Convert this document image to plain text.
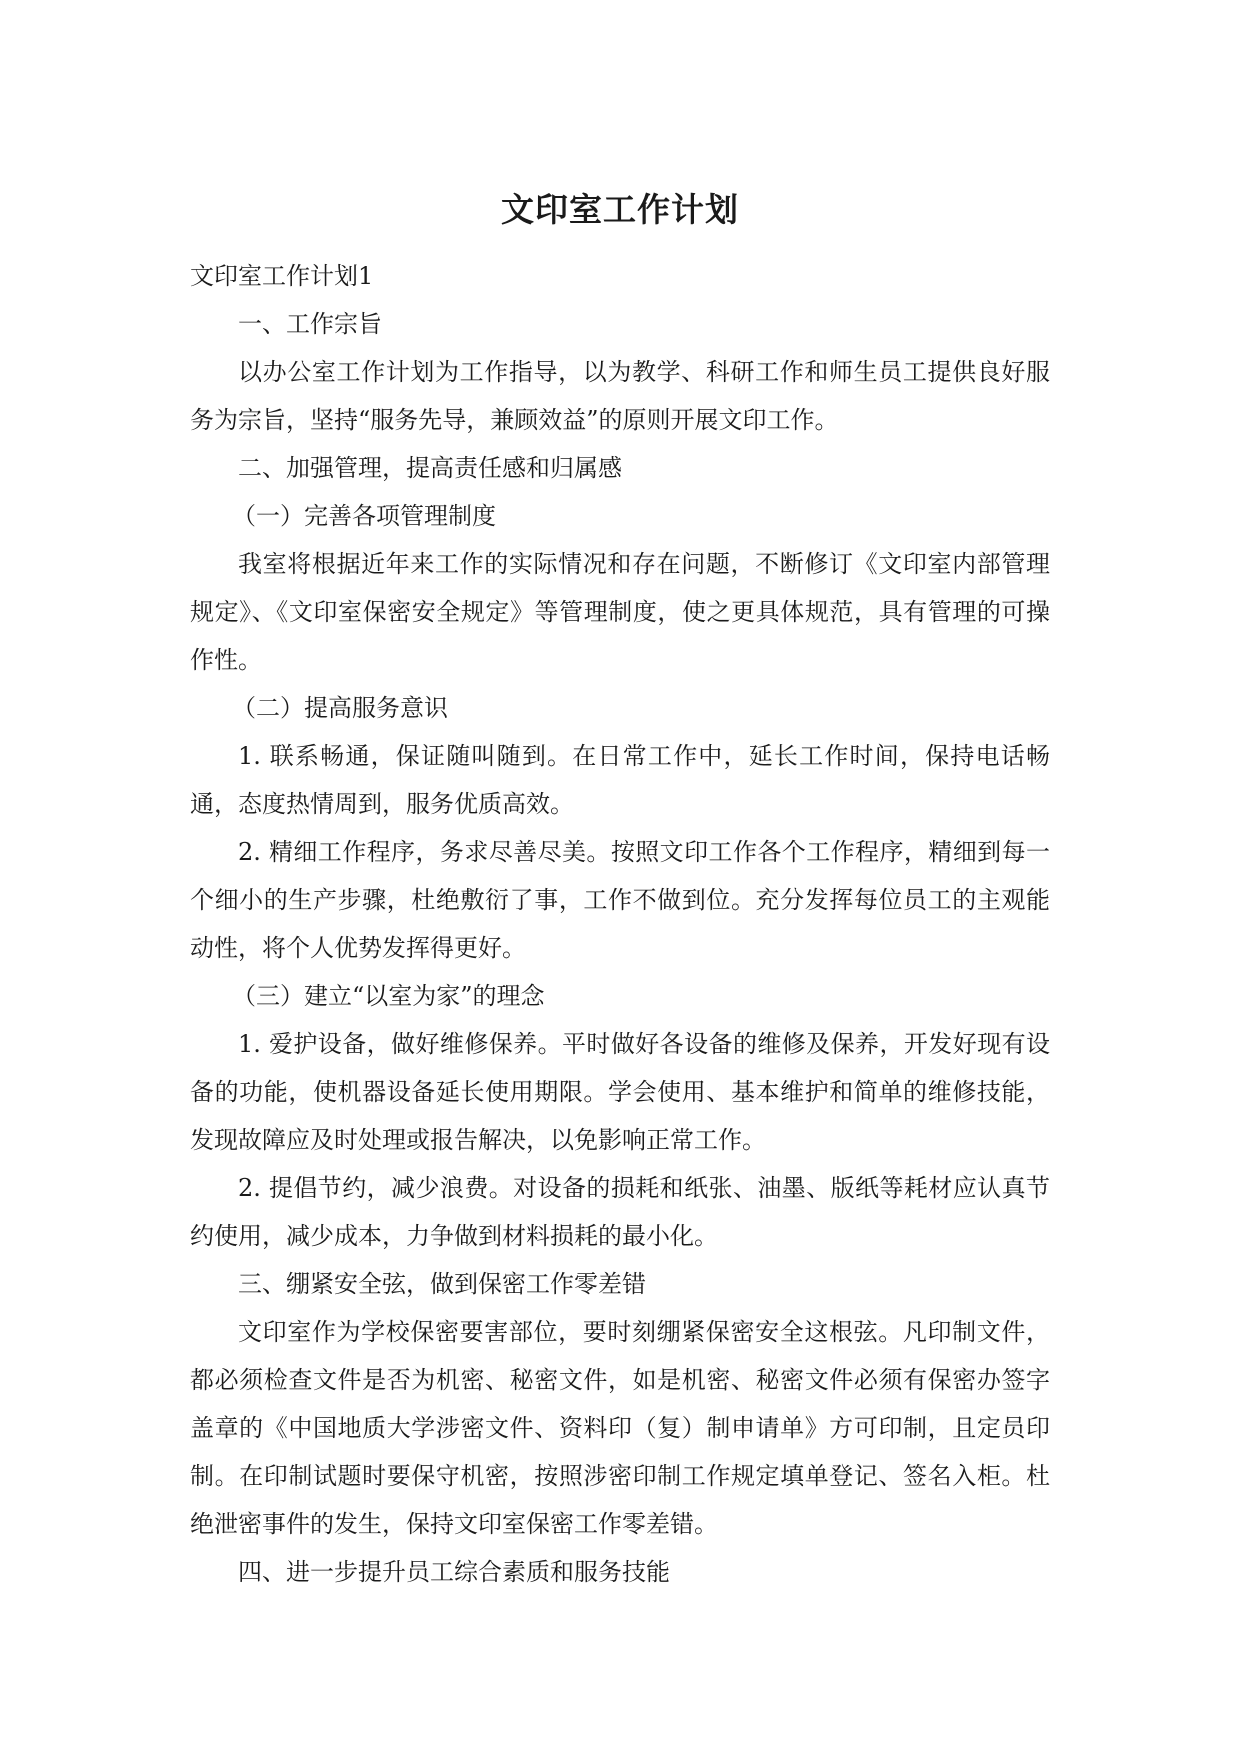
文印室工作计划

文印室工作计划1

一、工作宗旨

以办公室工作计划为工作指导，以为教学、科研工作和师生员工提供良好服务为宗旨，坚持“服务先导，兼顾效益”的原则开展文印工作。

二、加强管理，提高责任感和归属感

（一）完善各项管理制度

我室将根据近年来工作的实际情况和存在问题，不断修订《文印室内部管理规定》、《文印室保密安全规定》等管理制度，使之更具体规范，具有管理的可操作性。

（二）提高服务意识

1. 联系畅通，保证随叫随到。在日常工作中，延长工作时间，保持电话畅通，态度热情周到，服务优质高效。

2. 精细工作程序，务求尽善尽美。按照文印工作各个工作程序，精细到每一个细小的生产步骤，杜绝敷衍了事，工作不做到位。充分发挥每位员工的主观能动性，将个人优势发挥得更好。

（三）建立“以室为家”的理念

1. 爱护设备，做好维修保养。平时做好各设备的维修及保养，开发好现有设备的功能，使机器设备延长使用期限。学会使用、基本维护和简单的维修技能，发现故障应及时处理或报告解决，以免影响正常工作。

2. 提倡节约，减少浪费。对设备的损耗和纸张、油墨、版纸等耗材应认真节约使用，减少成本，力争做到材料损耗的最小化。

三、绷紧安全弦，做到保密工作零差错

文印室作为学校保密要害部位，要时刻绷紧保密安全这根弦。凡印制文件，都必须检查文件是否为机密、秘密文件，如是机密、秘密文件必须有保密办签字盖章的《中国地质大学涉密文件、资料印（复）制申请单》方可印制，且定员印制。在印制试题时要保守机密，按照涉密印制工作规定填单登记、签名入柜。杜绝泄密事件的发生，保持文印室保密工作零差错。

四、进一步提升员工综合素质和服务技能
